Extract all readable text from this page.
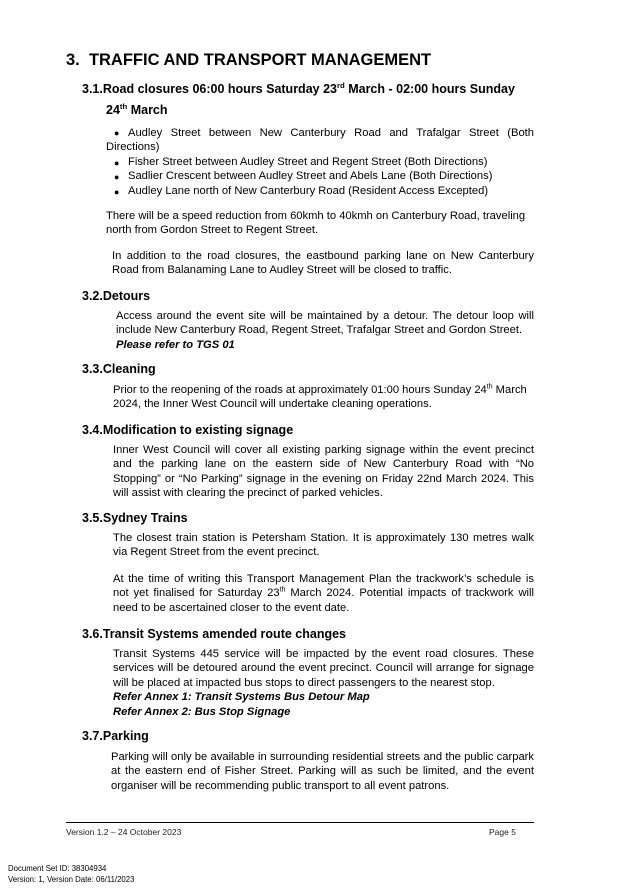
3. TRAFFIC AND TRANSPORT MANAGEMENT
3.1.Road closures 06:00 hours Saturday 23rd March - 02:00 hours Sunday
24th March
● Audley Street between New Canterbury Road and Trafalgar Street (Both Directions)
● Fisher Street between Audley Street and Regent Street (Both Directions)
● Sadlier Crescent between Audley Street and Abels Lane (Both Directions)
● Audley Lane north of New Canterbury Road (Resident Access Excepted)
There will be a speed reduction from 60kmh to 40kmh on Canterbury Road, traveling north from Gordon Street to Regent Street.
In addition to the road closures, the eastbound parking lane on New Canterbury Road from Balanaming Lane to Audley Street will be closed to traffic.
3.2.Detours
Access around the event site will be maintained by a detour. The detour loop will include New Canterbury Road, Regent Street, Trafalgar Street and Gordon Street.
Please refer to TGS 01
3.3.Cleaning
Prior to the reopening of the roads at approximately 01:00 hours Sunday 24th March 2024, the Inner West Council will undertake cleaning operations.
3.4.Modification to existing signage
Inner West Council will cover all existing parking signage within the event precinct and the parking lane on the eastern side of New Canterbury Road with “No Stopping” or “No Parking” signage in the evening on Friday 22nd March 2024. This will assist with clearing the precinct of parked vehicles.
3.5.Sydney Trains
The closest train station is Petersham Station. It is approximately 130 metres walk via Regent Street from the event precinct.
At the time of writing this Transport Management Plan the trackwork’s schedule is not yet finalised for Saturday 23th March 2024. Potential impacts of trackwork will need to be ascertained closer to the event date.
3.6.Transit Systems amended route changes
Transit Systems 445 service will be impacted by the event road closures. These services will be detoured around the event precinct. Council will arrange for signage will be placed at impacted bus stops to direct passengers to the nearest stop.
Refer Annex 1: Transit Systems Bus Detour Map
Refer Annex 2: Bus Stop Signage
3.7.Parking
Parking will only be available in surrounding residential streets and the public carpark at the eastern end of Fisher Street. Parking will as such be limited, and the event organiser will be recommending public transport to all event patrons.
Version 1.2 – 24 October 2023	Page 5
Document Set ID: 38304934
Version: 1, Version Date: 06/11/2023
